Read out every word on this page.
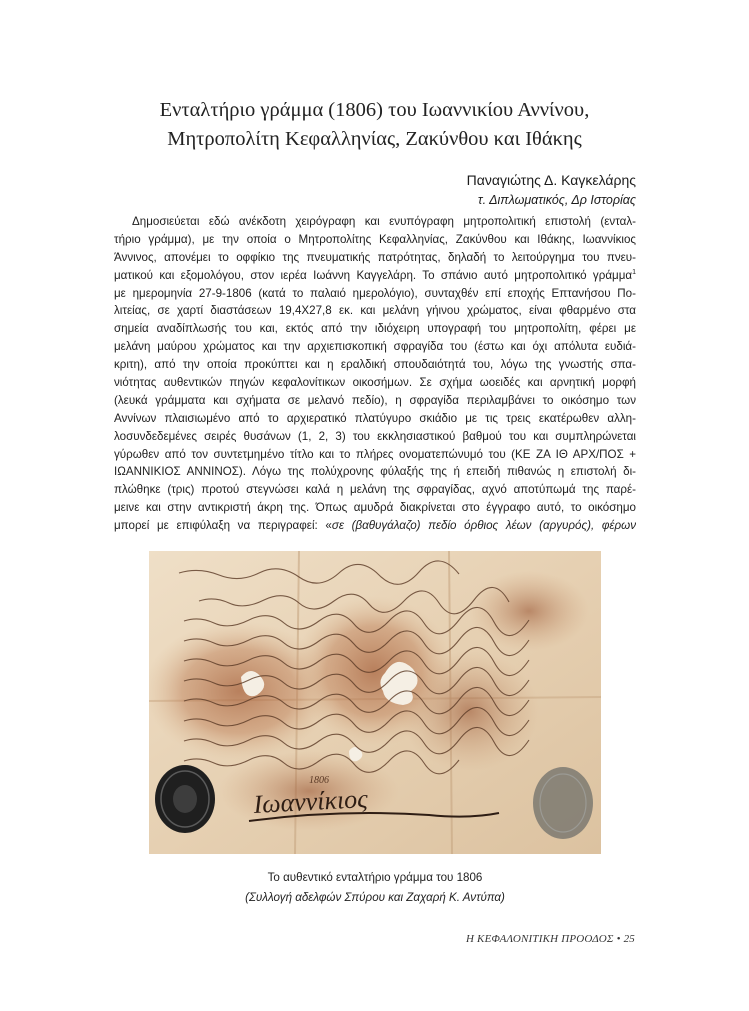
Ενταλτήριο γράμμα (1806) του Ιωαννικίου Αννίνου,
Μητροπολίτη Κεφαλληνίας, Ζακύνθου και Ιθάκης
Παναγιώτης Δ. Καγκελάρης
τ. Διπλωματικός, Δρ Ιστορίας
Δημοσιεύεται εδώ ανέκδοτη χειρόγραφη και ενυπόγραφη μητροπολιτική επιστολή (ενταλ-
τήριο γράμμα), με την οποία ο Μητροπολίτης Κεφαλληνίας, Ζακύνθου και Ιθάκης, Ιωαννίκιος
Άννινος, απονέμει το οφφίκιο της πνευματικής πατρότητας, δηλαδή το λειτούργημα του πνευ-
ματικού και εξομολόγου, στον ιερέα Ιωάννη Καγγελάρη. Το σπάνιο αυτό μητροπολιτικό γράμμα$^1$
με ημερομηνία 27-9-1806 (κατά το παλαιό ημερολόγιο), συνταχθέν επί εποχής Επτανήσου Πο-
λιτείας, σε χαρτί διαστάσεων 19,4Χ27,8 εκ. και μελάνη γήινου χρώματος, είναι φθαρμένο στα
σημεία αναδίπλωσής του και, εκτός από την ιδιόχειρη υπογραφή του μητροπολίτη, φέρει με
μελάνη μαύρου χρώματος και την αρχιεπισκοπική σφραγίδα του (έστω και όχι απόλυτα ευδιά-
κριτη), από την οποία προκύπτει και η εραλδική σπουδαιότητά του, λόγω της γνωστής σπα-
νιότητας αυθεντικών πηγών κεφαλονίτικων οικοσήμων. Σε σχήμα ωοειδές και αρνητική μορφή
(λευκά γράμματα και σχήματα σε μελανό πεδίο), η σφραγίδα περιλαμβάνει το οικόσημο των
Αννίνων πλαισιωμένο από το αρχιερατικό πλατύγυρο σκιάδιο με τις τρεις εκατέρωθεν αλλη-
λοσυνδεδεμένες σειρές θυσάνων (1, 2, 3) του εκκλησιαστικού βαθμού του και συμπληρώνεται
γύρωθεν από τον συντετμημένο τίτλο και το πλήρες ονοματεπώνυμό του (ΚΕ ΖΑ ΙΘ ΑΡΧ/ΠΟΣ +
ΙΩΑΝΝΙΚΙΟΣ ΑΝΝΙΝΟΣ). Λόγω της πολύχρονης φύλαξής της ή επειδή πιθανώς η επιστολή δι-
πλώθηκε (τρις) προτού στεγνώσει καλά η μελάνη της σφραγίδας, αχνό αποτύπωμά της παρέ-
μεινε και στην αντικριστή άκρη της. Όπως αμυδρά διακρίνεται στο έγγραφο αυτό, το οικόσημο
μπορεί με επιφύλαξη να περιγραφεί: «σε (βαθυγάλαζο) πεδίο όρθιος λέων (αργυρός), φέρων
1806
Ιωαννίκιος
Το αυθεντικό ενταλτήριο γράμμα του 1806
(Συλλογή αδελφών Σπύρου και Ζαχαρή Κ. Αντύπα)
Η ΚΕΦΑΛΟΝΙΤΙΚΗ ΠΡΟΟΔΟΣ • 25
